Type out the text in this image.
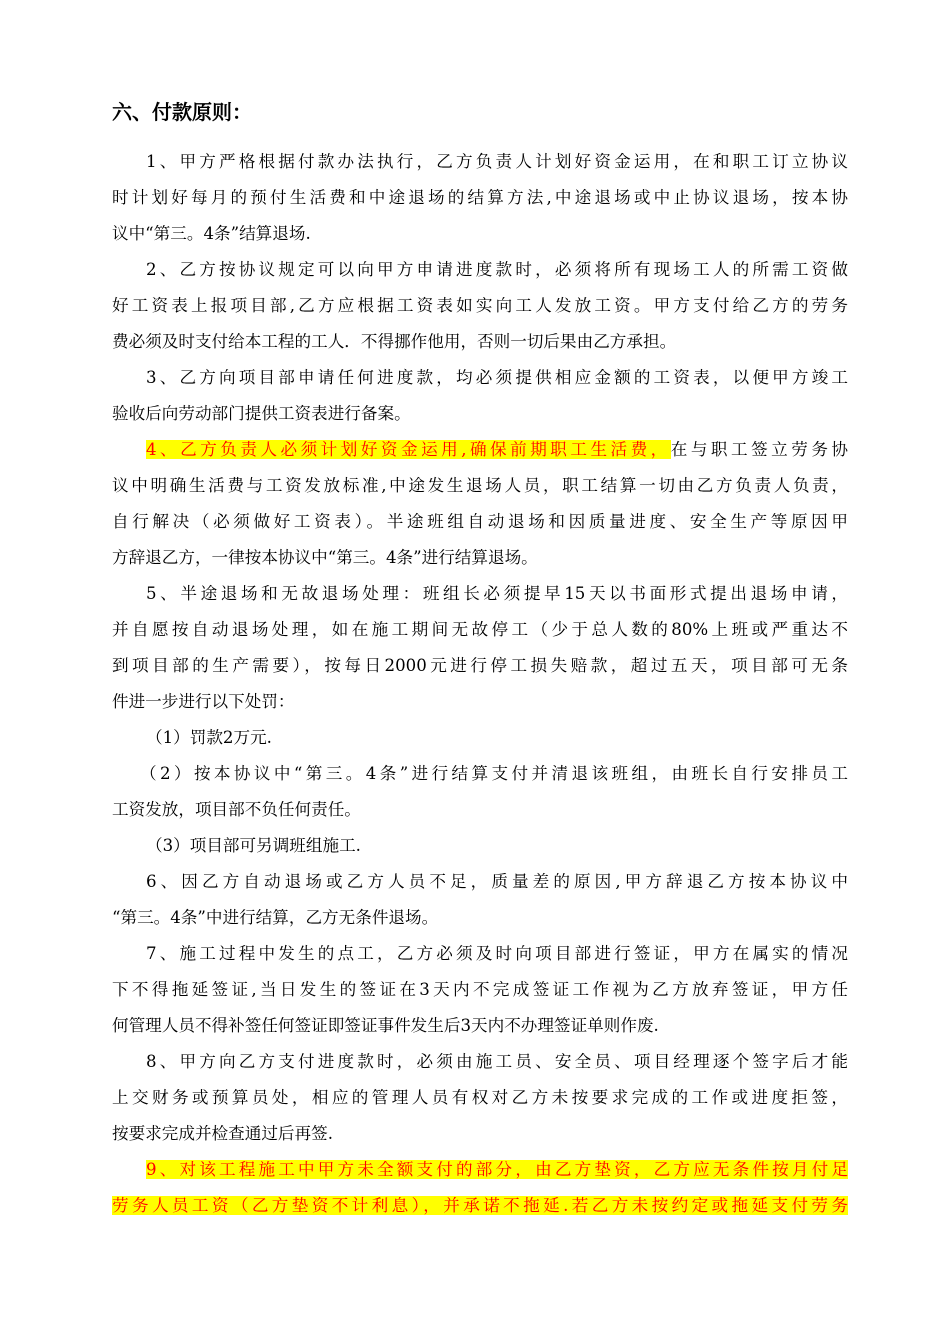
六、付款原则：
1、甲方严格根据付款办法执行，乙方负责人计划好资金运用，在和职工订立协议
时计划好每月的预付生活费和中途退场的结算方法,中途退场或中止协议退场，按本协
议中“第三。4条”结算退场.
2、乙方按协议规定可以向甲方申请进度款时，必须将所有现场工人的所需工资做
好工资表上报项目部,乙方应根据工资表如实向工人发放工资。甲方支付给乙方的劳务
费必须及时支付给本工程的工人．不得挪作他用，否则一切后果由乙方承担。
3、乙方向项目部申请任何进度款，均必须提供相应金额的工资表，以便甲方竣工
验收后向劳动部门提供工资表进行备案。
4、乙方负责人必须计划好资金运用,确保前期职工生活费，在与职工签立劳务协
议中明确生活费与工资发放标准,中途发生退场人员，职工结算一切由乙方负责人负责，
自行解决（必须做好工资表）。半途班组自动退场和因质量进度、安全生产等原因甲
方辞退乙方，一律按本协议中“第三。4条”进行结算退场。
5、半途退场和无故退场处理：班组长必须提早15天以书面形式提出退场申请，
并自愿按自动退场处理，如在施工期间无故停工（少于总人数的80%上班或严重达不
到项目部的生产需要），按每日2000元进行停工损失赔款，超过五天，项目部可无条
件进一步进行以下处罚：
（1）罚款2万元.
（2）按本协议中“第三。4条”进行结算支付并清退该班组，由班长自行安排员工
工资发放，项目部不负任何责任。
（3）项目部可另调班组施工.
6、因乙方自动退场或乙方人员不足，质量差的原因,甲方辞退乙方按本协议中
“第三。4条”中进行结算，乙方无条件退场。
7、施工过程中发生的点工，乙方必须及时向项目部进行签证，甲方在属实的情况
下不得拖延签证,当日发生的签证在3天内不完成签证工作视为乙方放弃签证，甲方任
何管理人员不得补签任何签证即签证事件发生后3天内不办理签证单则作废.
8、甲方向乙方支付进度款时，必须由施工员、安全员、项目经理逐个签字后才能
上交财务或预算员处，相应的管理人员有权对乙方未按要求完成的工作或进度拒签，
按要求完成并检查通过后再签.
9、对该工程施工中甲方未全额支付的部分，由乙方垫资，乙方应无条件按月付足
劳务人员工资（乙方垫资不计利息），并承诺不拖延.若乙方未按约定或拖延支付劳务
